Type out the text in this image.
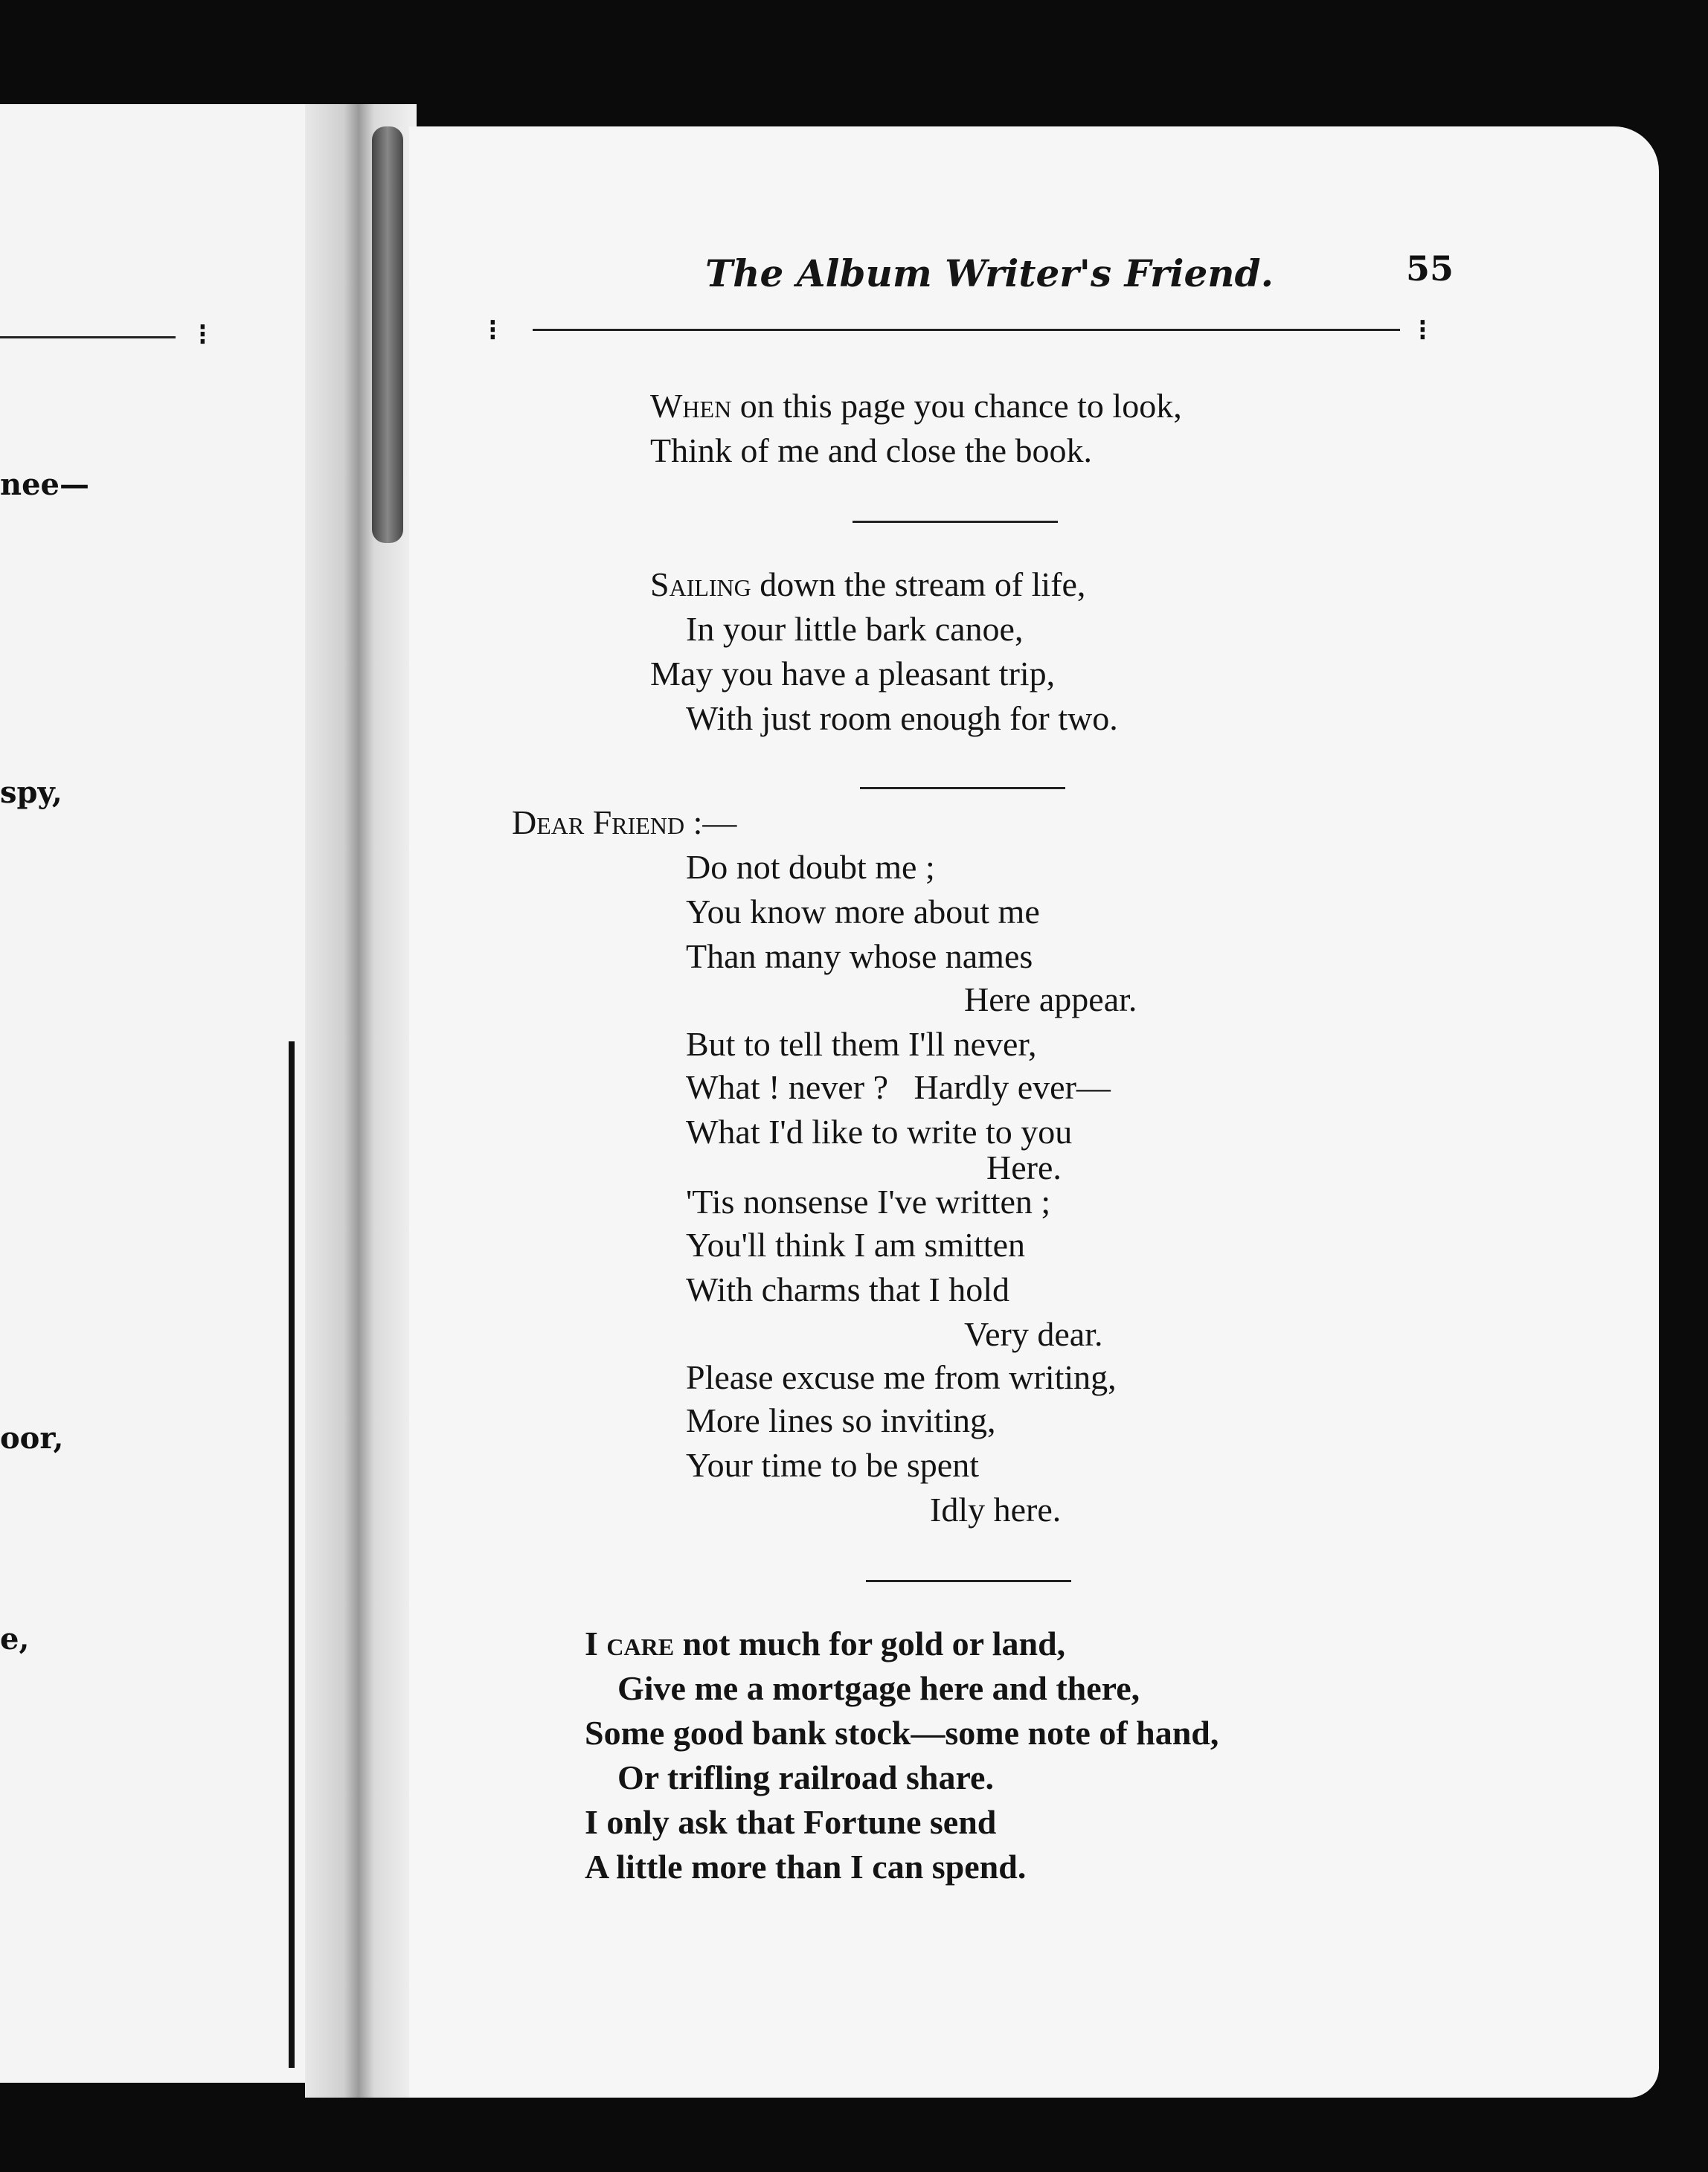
⁝
nee—
spy,
oor,
e,
The Album Writer's Friend.	55
⁝	⁝
When on this page you chance to look,
Think of me and close the book.
Sailing down the stream of life,
In your little bark canoe,
May you have a pleasant trip,
With just room enough for two.
Dear Friend :—
Do not doubt me ;
You know more about me
Than many whose names
Here appear.
But to tell them I'll never,
What ! never ?   Hardly ever—
What I'd like to write to you
Here.
'Tis nonsense I've written ;
You'll think I am smitten
With charms that I hold
Very dear.
Please excuse me from writing,
More lines so inviting,
Your time to be spent
Idly here.
I care not much for gold or land,
Give me a mortgage here and there,
Some good bank stock—some note of hand,
Or trifling railroad share.
I only ask that Fortune send
A little more than I can spend.
